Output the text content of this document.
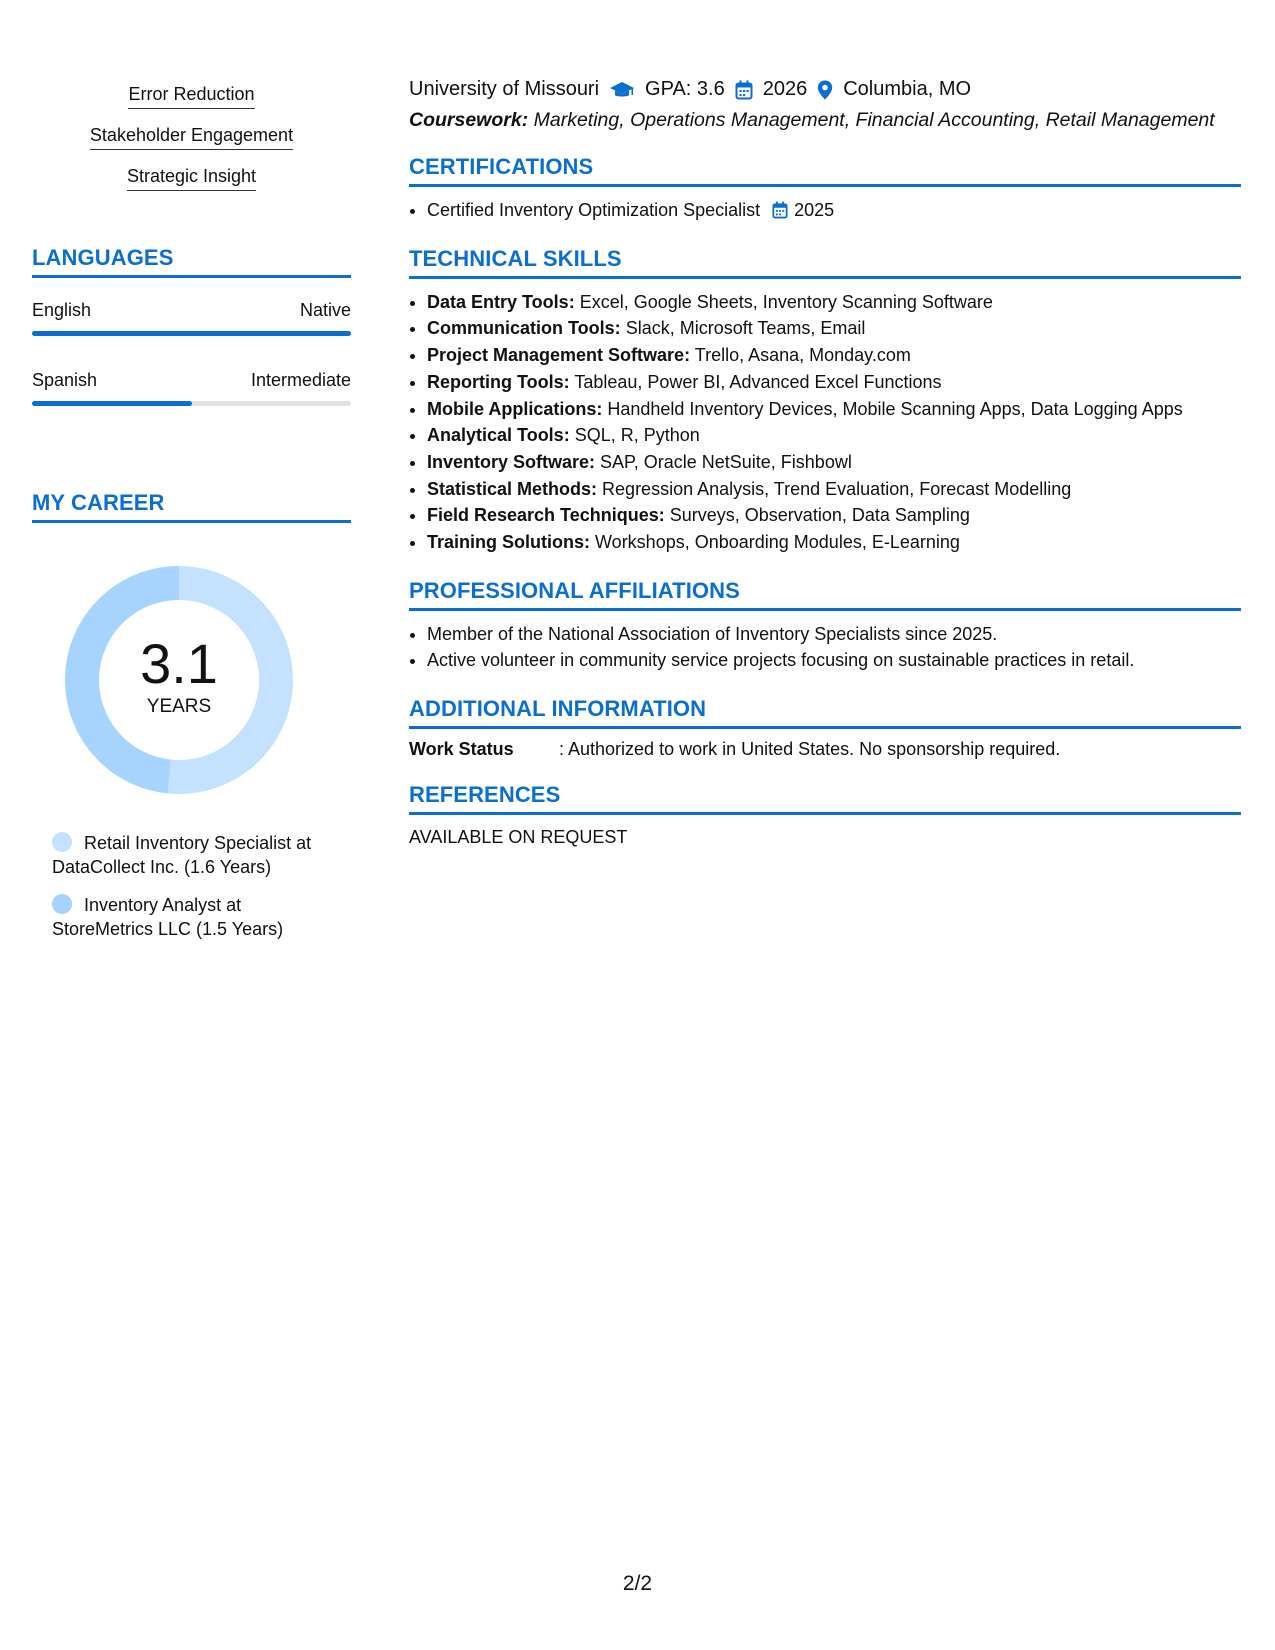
Error Reduction
Stakeholder Engagement
Strategic Insight
LANGUAGES
English	Native
Spanish	Intermediate
MY CAREER
3.1
YEARS
Retail Inventory Specialist at DataCollect Inc. (1.6 Years)
Inventory Analyst at StoreMetrics LLC (1.5 Years)
University of Missouri GPA: 3.6 2026 Columbia, MO
Coursework: Marketing, Operations Management, Financial Accounting, Retail Management
CERTIFICATIONS
• Certified Inventory Optimization Specialist 2025
TECHNICAL SKILLS
• Data Entry Tools: Excel, Google Sheets, Inventory Scanning Software
• Communication Tools: Slack, Microsoft Teams, Email
• Project Management Software: Trello, Asana, Monday.com
• Reporting Tools: Tableau, Power BI, Advanced Excel Functions
• Mobile Applications: Handheld Inventory Devices, Mobile Scanning Apps, Data Logging Apps
• Analytical Tools: SQL, R, Python
• Inventory Software: SAP, Oracle NetSuite, Fishbowl
• Statistical Methods: Regression Analysis, Trend Evaluation, Forecast Modelling
• Field Research Techniques: Surveys, Observation, Data Sampling
• Training Solutions: Workshops, Onboarding Modules, E-Learning
PROFESSIONAL AFFILIATIONS
• Member of the National Association of Inventory Specialists since 2025.
• Active volunteer in community service projects focusing on sustainable practices in retail.
ADDITIONAL INFORMATION
Work Status	: Authorized to work in United States. No sponsorship required.
REFERENCES
AVAILABLE ON REQUEST
2/2
